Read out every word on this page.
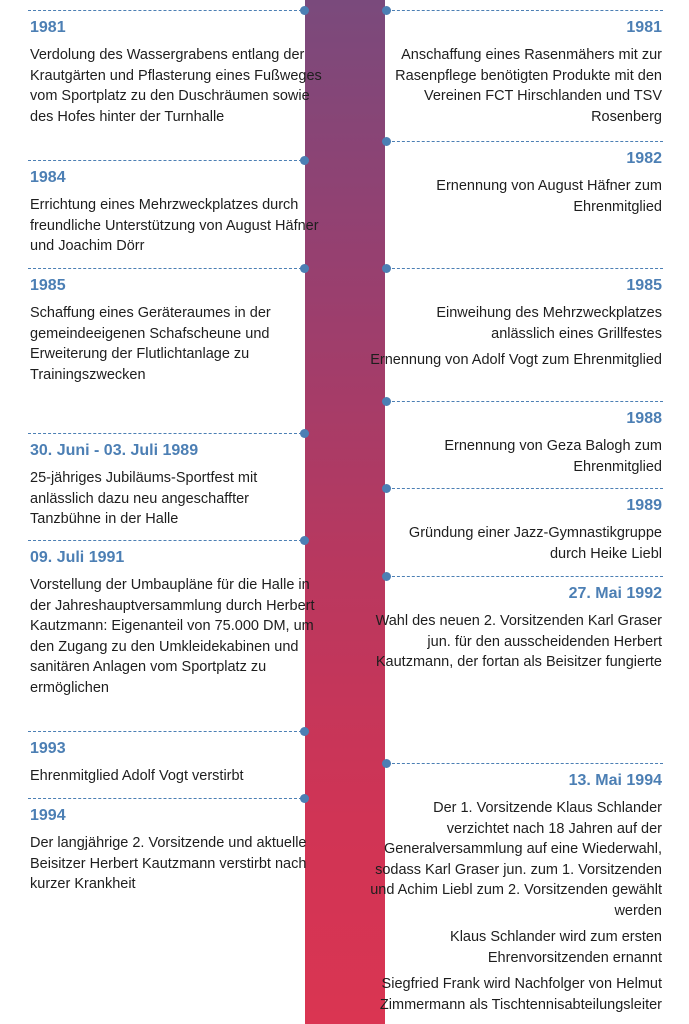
1981

Verdolung des Wassergrabens entlang der Krautgärten und Pflasterung eines Fußweges vom Sportplatz zu den Duschräumen sowie des Hofes hinter der Turnhalle

1984

Errichtung eines Mehrzweckplatzes durch freundliche Unterstützung von August Häfner und Joachim Dörr

1985

Schaffung eines Geräteraumes in der gemeindeeigenen Schafscheune und Erweiterung der Flutlichtanlage zu Trainingszwecken

30. Juni - 03. Juli 1989

25-jähriges Jubiläums-Sportfest mit anlässlich dazu neu angeschaffter Tanzbühne in der Halle

09. Juli 1991

Vorstellung der Umbaupläne für die Halle in der Jahreshauptversammlung durch Herbert Kautzmann: Eigenanteil von 75.000 DM, um den Zugang zu den Umkleidekabinen und sanitären Anlagen vom Sportplatz zu ermöglichen

1993

Ehrenmitglied Adolf Vogt verstirbt

1994

Der langjährige 2. Vorsitzende und aktuelle Beisitzer Herbert Kautzmann verstirbt nach kurzer Krankheit

1981

Anschaffung eines Rasenmähers mit zur Rasenpflege benötigten Produkte mit den Vereinen FCT Hirschlanden und TSV Rosenberg

1982

Ernennung von August Häfner zum Ehrenmitglied

1985

Einweihung des Mehrzweckplatzes anlässlich eines Grillfestes

Ernennung von Adolf Vogt zum Ehrenmitglied

1988

Ernennung von Geza Balogh zum Ehrenmitglied

1989

Gründung einer Jazz-Gymnastikgruppe durch Heike Liebl

27. Mai 1992

Wahl des neuen 2. Vorsitzenden Karl Graser jun. für den ausscheidenden Herbert Kautzmann, der fortan als Beisitzer fungierte

13. Mai 1994

Der 1. Vorsitzende Klaus Schlander verzichtet nach 18 Jahren auf der Generalversammlung auf eine Wiederwahl, sodass Karl Graser jun. zum 1. Vorsitzenden und Achim Liebl zum 2. Vorsitzenden gewählt werden

Klaus Schlander wird zum ersten Ehrenvorsitzenden ernannt

Siegfried Frank wird Nachfolger von Helmut Zimmermann als Tischtennisabteilungsleiter
